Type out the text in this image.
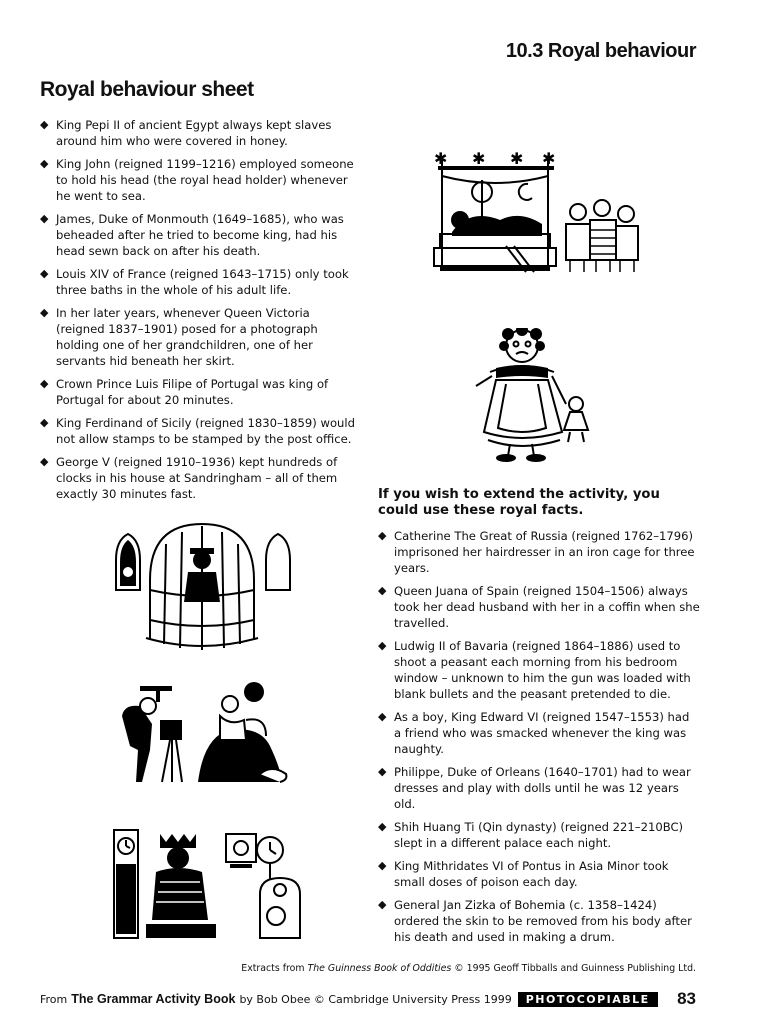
10.3 Royal behaviour
Royal behaviour sheet
◆ King Pepi II of ancient Egypt always kept slaves around him who were covered in honey.
◆ King John (reigned 1199–1216) employed someone to hold his head (the royal head holder) whenever he went to sea.
◆ James, Duke of Monmouth (1649–1685), who was beheaded after he tried to become king, had his head sewn back on after his death.
◆ Louis XIV of France (reigned 1643–1715) only took three baths in the whole of his adult life.
◆ In her later years, whenever Queen Victoria (reigned 1837–1901) posed for a photograph holding one of her grandchildren, one of her servants hid beneath her skirt.
◆ Crown Prince Luis Filipe of Portugal was king of Portugal for about 20 minutes.
◆ King Ferdinand of Sicily (reigned 1830–1859) would not allow stamps to be stamped by the post office.
◆ George V (reigned 1910–1936) kept hundreds of clocks in his house at Sandringham – all of them exactly 30 minutes fast.	If you wish to extend the activity, you could use these royal facts.
◆ Catherine The Great of Russia (reigned 1762–1796) imprisoned her hairdresser in an iron cage for three years.
◆ Queen Juana of Spain (reigned 1504–1506) always took her dead husband with her in a coffin when she travelled.
◆ Ludwig II of Bavaria (reigned 1864–1886) used to shoot a peasant each morning from his bedroom window – unknown to him the gun was loaded with blank bullets and the peasant pretended to die.
◆ As a boy, King Edward VI (reigned 1547–1553) had a friend who was smacked whenever the king was naughty.
◆ Philippe, Duke of Orleans (1640–1701) had to wear dresses and play with dolls until he was 12 years old.
◆ Shih Huang Ti (Qin dynasty) (reigned 221–210BC) slept in a different palace each night.
◆ King Mithridates VI of Pontus in Asia Minor took small doses of poison each day.
◆ General Jan Zizka of Bohemia (c. 1358–1424) ordered the skin to be removed from his body after his death and used in making a drum.
✱ ✱ ✱ ✱
Extracts from The Guinness Book of Oddities © 1995 Geoff Tibballs and Guinness Publishing Ltd.
From The Grammar Activity Book by Bob Obee © Cambridge University Press 1999	PHOTOCOPIABLE	83
